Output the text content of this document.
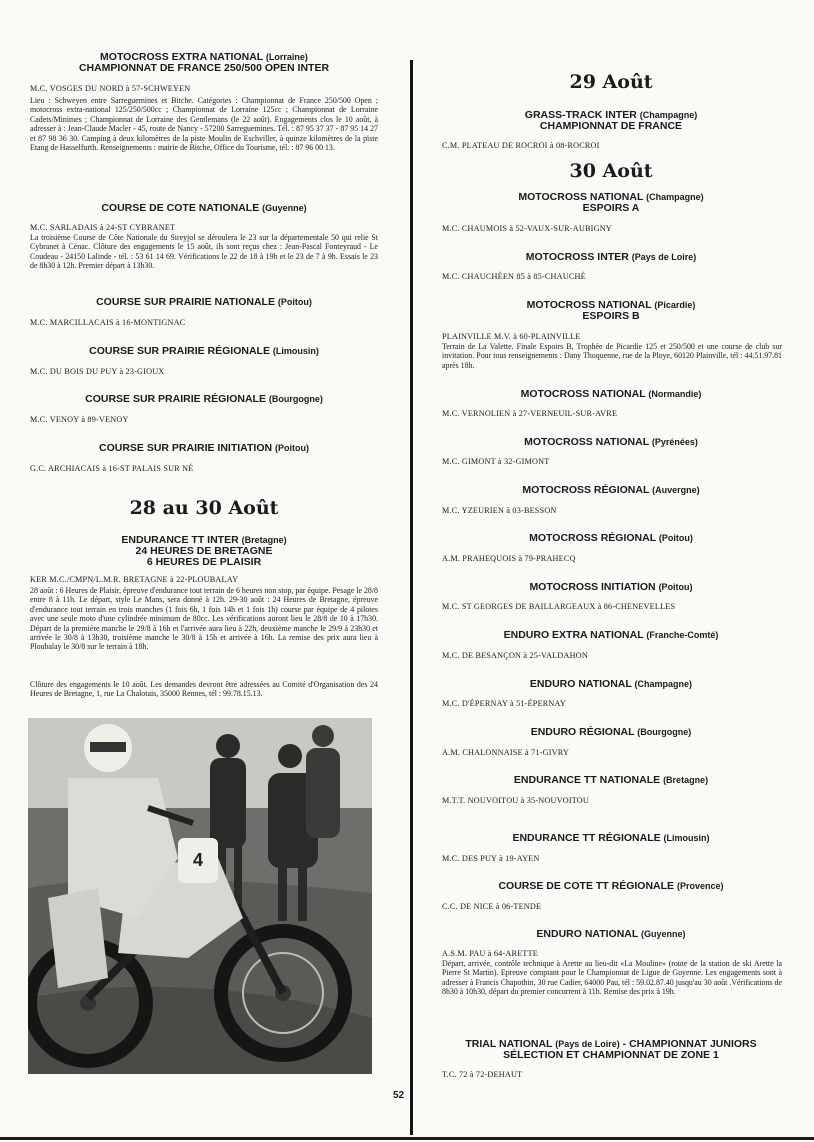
MOTOCROSS EXTRA NATIONAL (Lorraine)

CHAMPIONNAT DE FRANCE 250/500 OPEN INTER

M.C. VOSGES DU NORD à 57-SCHWEYEN

Lieu : Schweyen entre Sarreguemines et Bitche. Catégories : Championnat de France 250/500 Open ; motocross extra-national 125/250/500cc ; Championnat de Lorraine 125cc ; Championnat de Lorraine Cadets/Minimes ; Championnat de Lorraine des Gentlemans (le 22 août). Engagements clos le 10 août, à adresser à : Jean-Claude Macler - 45, route de Nancy - 57200 Sarreguemines. Tél. : 87 95 37 37 - 87 95 14 27 et 87 98 36 30. Camping à deux kilomètres de la piste Moulin de Eschviller, à quinze kilomètres de la piste Etang de Hasselfurth. Renseignements : mairie de Bitche, Office du Tourisme, tél. : 87 96 00 13.

COURSE DE COTE NATIONALE (Guyenne)

M.C. SARLADAIS à 24-ST CYBRANET

La troisième Course de Côte Nationale du Sireyjol se déroulera le 23 sur la départementale 50 qui relie St Cybranet à Cénac. Clôture des engagements le 15 août, ils sont reçus chez : Jean-Pascal Fonteyraud - Le Coudeau - 24150 Lalinde - tél. : 53 61 14 69. Vérifications le 22 de 18 à 19h et le 23 de 7 à 9h. Essais le 23 de 8h30 à 12h. Premier départ à 13h30.

COURSE SUR PRAIRIE NATIONALE (Poitou)

M.C. MARCILLACAIS à 16-MONTIGNAC

COURSE SUR PRAIRIE RÉGIONALE (Limousin)

M.C. DU BOIS DU PUY à 23-GIOUX

COURSE SUR PRAIRIE RÉGIONALE (Bourgogne)

M.C. VENOY à 89-VENOY

COURSE SUR PRAIRIE INITIATION (Poitou)

G.C. ARCHIACAIS à 16-ST PALAIS SUR NÉ

28 au 30 Août

ENDURANCE TT INTER (Bretagne)

24 HEURES DE BRETAGNE

6 HEURES DE PLAISIR

KER M.C./CMPN/L.M.R. BRETAGNE à 22-PLOUBALAY

28 août : 6 Heures de Plaisir, épreuve d'endurance tout terrain de 6 heures non stop, par équipe. Pesage le 28/8 entre 8 à 11h. Le départ, style Le Mans, sera donné à 12h. 29-30 août : 24 Heures de Bretagne, épreuve d'endurance tout terrain en trois manches (1 fois 6h, 1 fois 14h et 1 fois 1h) course par équipe de 4 pilotes avec une seule moto d'une cylindrée minimum de 80cc. Les vérifications auront lieu le 28/8 de 10 à 17h30. Départ de la première manche le 29/8 à 16h et l'arrivée aura lieu à 22h, deuxième manche le 29/9 à 23h30 et arrivée le 30/8 à 13h30, troisième manche le 30/8 à 15h et arrivée à 16h. La remise des prix aura lieu à Ploubalay le 30/8 sur le terrain à 18h.

Clôture des engagements le 10 août. Les demandes devront être adressées au Comité d'Organisation des 24 Heures de Bretagne, 1, rue La Chalotais, 35000 Rennes, tél : 99.78.15.13.

4

29 Août

GRASS-TRACK INTER (Champagne)

CHAMPIONNAT DE FRANCE

C.M. PLATEAU DE ROCROI à 08-ROCROI

30 Août

MOTOCROSS NATIONAL (Champagne)

ESPOIRS A

M.C. CHAUMOIS à 52-VAUX-SUR-AUBIGNY

MOTOCROSS INTER (Pays de Loire)

M.C. CHAUCHÉEN 85 à 85-CHAUCHÉ

MOTOCROSS NATIONAL (Picardie)

ESPOIRS B

PLAINVILLE M.V. à 60-PLAINVILLE

Terrain de La Valette. Finale Espoirs B, Trophée de Picardie 125 et 250/500 et une course de club sur invitation. Pour tous renseignements : Dany Thoquenne, rue de la Ploye, 60120 Plainville, tél : 44.51.97.81 après 18h.

MOTOCROSS NATIONAL (Normandie)

M.C. VERNOLIEN à 27-VERNEUIL-SUR-AVRE

MOTOCROSS NATIONAL (Pyrénées)

M.C. GIMONT à 32-GIMONT

MOTOCROSS RÉGIONAL (Auvergne)

M.C. YZEURIEN à 03-BESSON

MOTOCROSS RÉGIONAL (Poitou)

A.M. PRAHEQUOIS à 79-PRAHECQ

MOTOCROSS INITIATION (Poitou)

M.C. ST GEORGES DE BAILLARGEAUX à 86-CHENEVELLES

ENDURO EXTRA NATIONAL (Franche-Comté)

M.C. DE BESANÇON à 25-VALDAHON

ENDURO NATIONAL (Champagne)

M.C. D'ÉPERNAY à 51-ÉPERNAY

ENDURO RÉGIONAL (Bourgogne)

A.M. CHALONNAISE à 71-GIVRY

ENDURANCE TT NATIONALE (Bretagne)

M.T.T. NOUVOITOU à 35-NOUVOITOU

ENDURANCE TT RÉGIONALE (Limousin)

M.C. DES PUY à 19-AYEN

COURSE DE COTE TT RÉGIONALE (Provence)

C.C. DE NICE à 06-TENDE

ENDURO NATIONAL (Guyenne)

A.S.M. PAU à 64-ARETTE

Départ, arrivée, contrôle technique à Arette au lieu-dit «La Mouline» (route de la station de ski Arette la Pierre St Martin). Epreuve comptant pour le Championnat de Ligue de Guyenne. Les engagements sont à adresser à Francis Chapothin, 30 rue Cadier, 64000 Pau, tél : 59.02.87.40 jusqu'au 30 août .Vérifications de 8h30 à 10h30, départ du premier concurrent à 11h. Remise des prix à 19h.

TRIAL NATIONAL (Pays de Loire) - CHAMPIONNAT JUNIORS

SÉLECTION ET CHAMPIONNAT DE ZONE 1

T.C. 72 à 72-DEHAUT

52
